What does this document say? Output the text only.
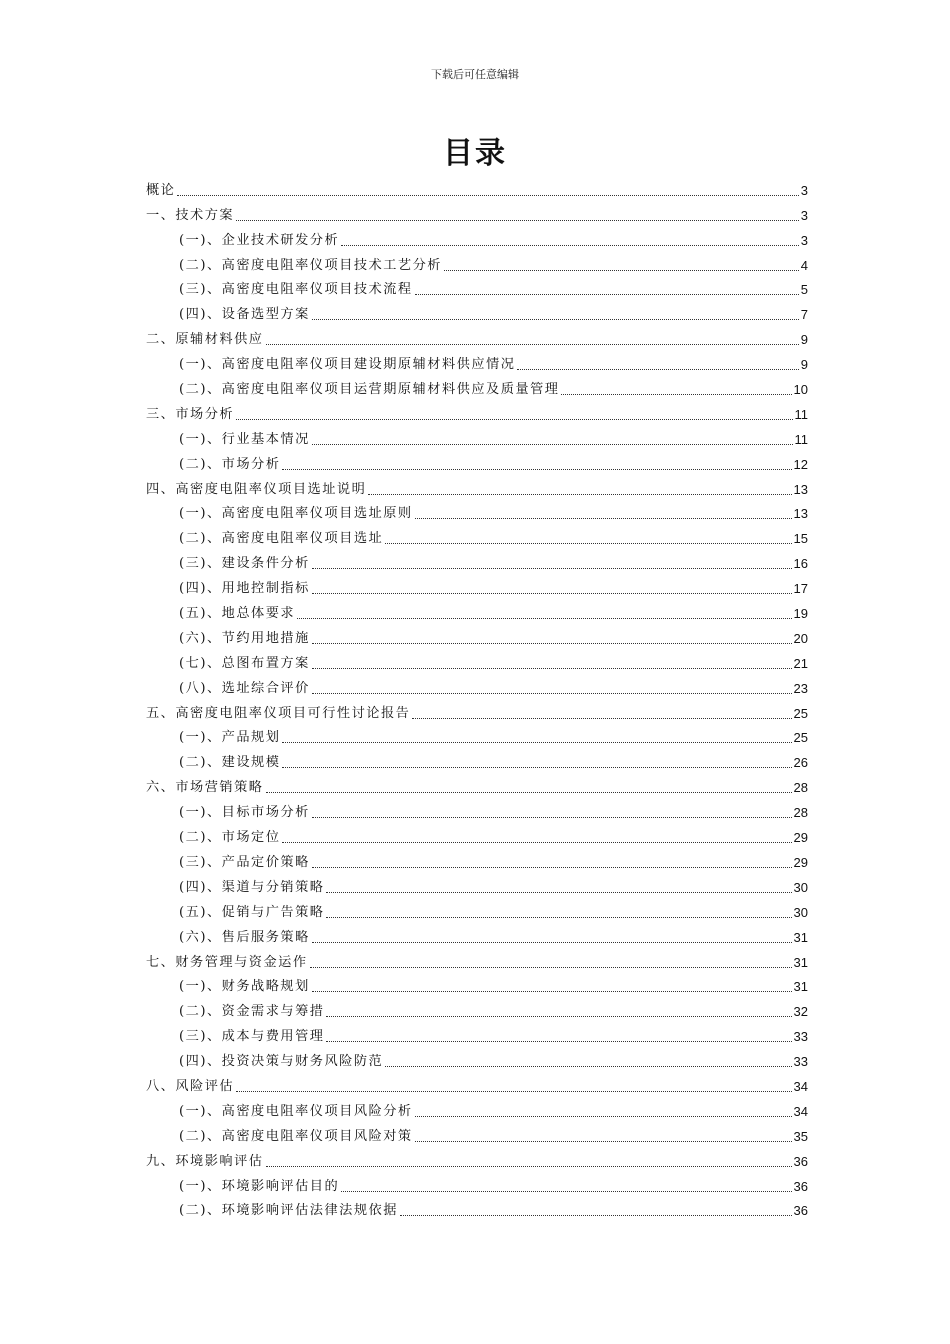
下载后可任意编辑
目录
概论	3
一、技术方案	3
(一)、企业技术研发分析	3
(二)、高密度电阻率仪项目技术工艺分析	4
(三)、高密度电阻率仪项目技术流程	5
(四)、设备选型方案	7
二、原辅材料供应	9
(一)、高密度电阻率仪项目建设期原辅材料供应情况	9
(二)、高密度电阻率仪项目运营期原辅材料供应及质量管理	10
三、市场分析	11
(一)、行业基本情况	11
(二)、市场分析	12
四、高密度电阻率仪项目选址说明	13
(一)、高密度电阻率仪项目选址原则	13
(二)、高密度电阻率仪项目选址	15
(三)、建设条件分析	16
(四)、用地控制指标	17
(五)、地总体要求	19
(六)、节约用地措施	20
(七)、总图布置方案	21
(八)、选址综合评价	23
五、高密度电阻率仪项目可行性讨论报告	25
(一)、产品规划	25
(二)、建设规模	26
六、市场营销策略	28
(一)、目标市场分析	28
(二)、市场定位	29
(三)、产品定价策略	29
(四)、渠道与分销策略	30
(五)、促销与广告策略	30
(六)、售后服务策略	31
七、财务管理与资金运作	31
(一)、财务战略规划	31
(二)、资金需求与筹措	32
(三)、成本与费用管理	33
(四)、投资决策与财务风险防范	33
八、风险评估	34
(一)、高密度电阻率仪项目风险分析	34
(二)、高密度电阻率仪项目风险对策	35
九、环境影响评估	36
(一)、环境影响评估目的	36
(二)、环境影响评估法律法规依据	36
